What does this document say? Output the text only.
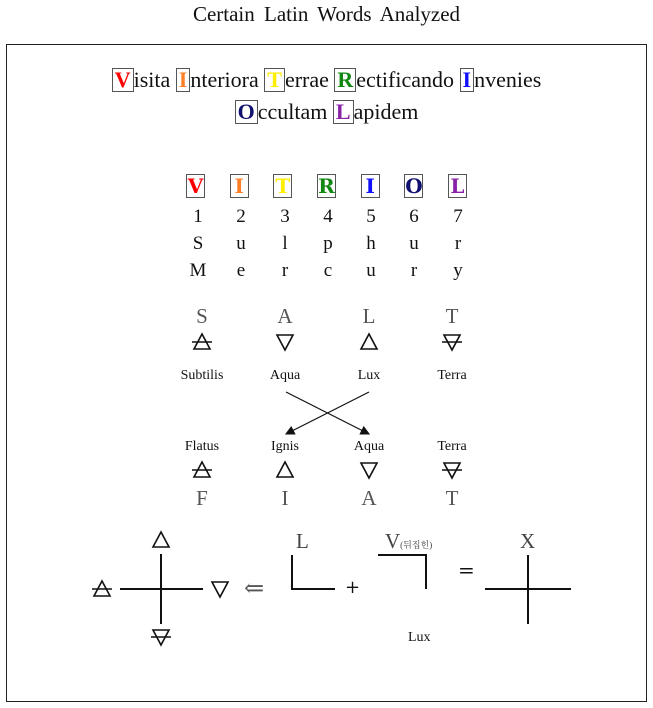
Certain Latin Words Analyzed
V isita I nteriora T errae R ectificando I nvenies
O ccultam L apidem
V I T R I O L
1
S
M
2
u
e
3
l
r
4
p
c
5
h
u
6
u
r
7
r
y
S
Subtilis
A
Aqua
L
Lux
T
Terra
Flatus
F
Ignis
I
Aqua
A
Terra
T
⇐
L
+
V(뒤집힌)
=
X
Lux
